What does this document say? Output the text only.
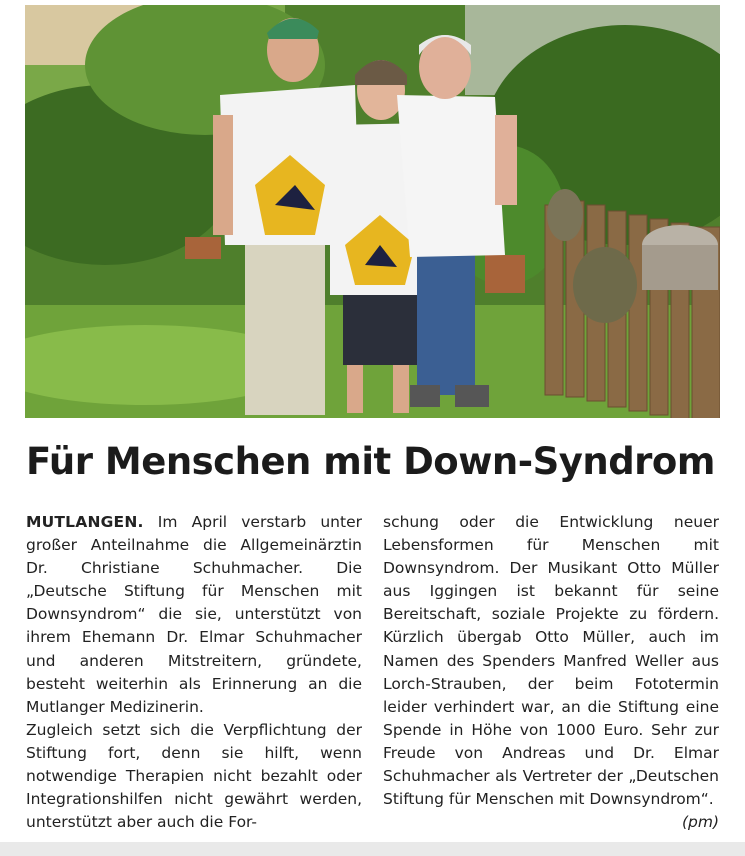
Für Menschen mit Down-Syndrom

MUTLANGEN. Im April verstarb unter großer Anteilnahme die Allgemeinärztin Dr. Christiane Schuhmacher. Die „Deutsche Stiftung für Menschen mit Downsyndrom“ die sie, unterstützt von ihrem Ehemann Dr. Elmar Schuhmacher und anderen Mitstreitern, gründete, besteht weiterhin als Erinnerung an die Mutlanger Medizinerin.

Zugleich setzt sich die Verpflichtung der Stiftung fort, denn sie hilft, wenn notwendige Therapien nicht bezahlt oder Integrationshilfen nicht gewährt werden, unterstützt aber auch die For-

schung oder die Entwicklung neuer Lebensformen für Menschen mit Downsyndrom. Der Musikant Otto Müller aus Iggingen ist bekannt für seine Bereitschaft, soziale Projekte zu fördern. Kürzlich übergab Otto Müller, auch im Namen des Spenders Manfred Weller aus Lorch-Strauben, der beim Fototermin leider verhindert war, an die Stiftung eine Spende in Höhe von 1000 Euro. Sehr zur Freude von Andreas und Dr. Elmar Schuhmacher als Vertreter der „Deutschen Stiftung für Menschen mit Downsyndrom“.
(pm)
